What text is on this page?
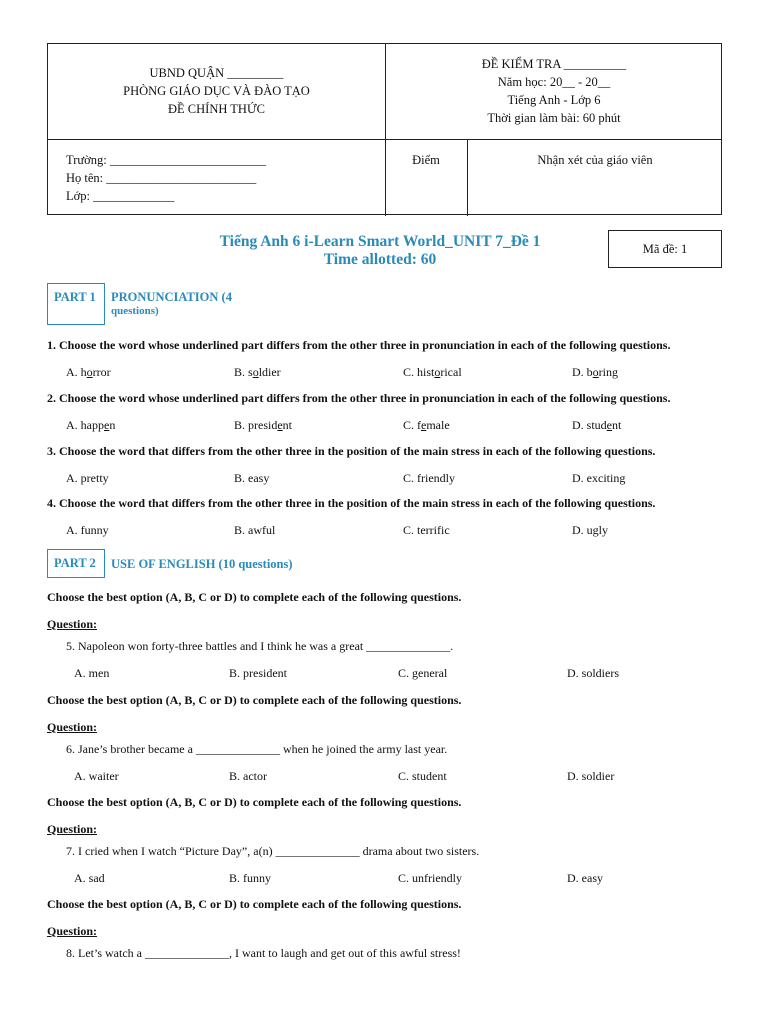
UBND QUẬN _________
PHÒNG GIÁO DỤC VÀ ĐÀO TẠO
ĐỀ CHÍNH THỨC
ĐỀ KIỂM TRA __________
Năm học: 20__ - 20__
Tiếng Anh - Lớp 6
Thời gian làm bài: 60 phút
Trường: _________________________
Họ tên: ________________________
Lớp: _____________
Điểm	Nhận xét của giáo viên
Tiếng Anh 6 i-Learn Smart World_UNIT 7_Đề 1
Time allotted: 60
Mã đề: 1
PART 1	PRONUNCIATION (4
questions)
1. Choose the word whose underlined part differs from the other three in pronunciation in each of the following questions.
A. horror	B. soldier	C. historical	D. boring
2. Choose the word whose underlined part differs from the other three in pronunciation in each of the following questions.
A. happen	B. president	C. female	D. student
3. Choose the word that differs from the other three in the position of the main stress in each of the following questions.
A. pretty	B. easy	C. friendly	D. exciting
4. Choose the word that differs from the other three in the position of the main stress in each of the following questions.
A. funny	B. awful	C. terrific	D. ugly
PART 2	USE OF ENGLISH (10 questions)
Choose the best option (A, B, C or D) to complete each of the following questions.
Question:
5. Napoleon won forty-three battles and I think he was a great ______________.
A. men	B. president	C. general	D. soldiers
Choose the best option (A, B, C or D) to complete each of the following questions.
Question:
6. Jane’s brother became a ______________ when he joined the army last year.
A. waiter	B. actor	C. student	D. soldier
Choose the best option (A, B, C or D) to complete each of the following questions.
Question:
7. I cried when I watch “Picture Day”, a(n) ______________ drama about two sisters.
A. sad	B. funny	C. unfriendly	D. easy
Choose the best option (A, B, C or D) to complete each of the following questions.
Question:
8. Let’s watch a ______________, I want to laugh and get out of this awful stress!
